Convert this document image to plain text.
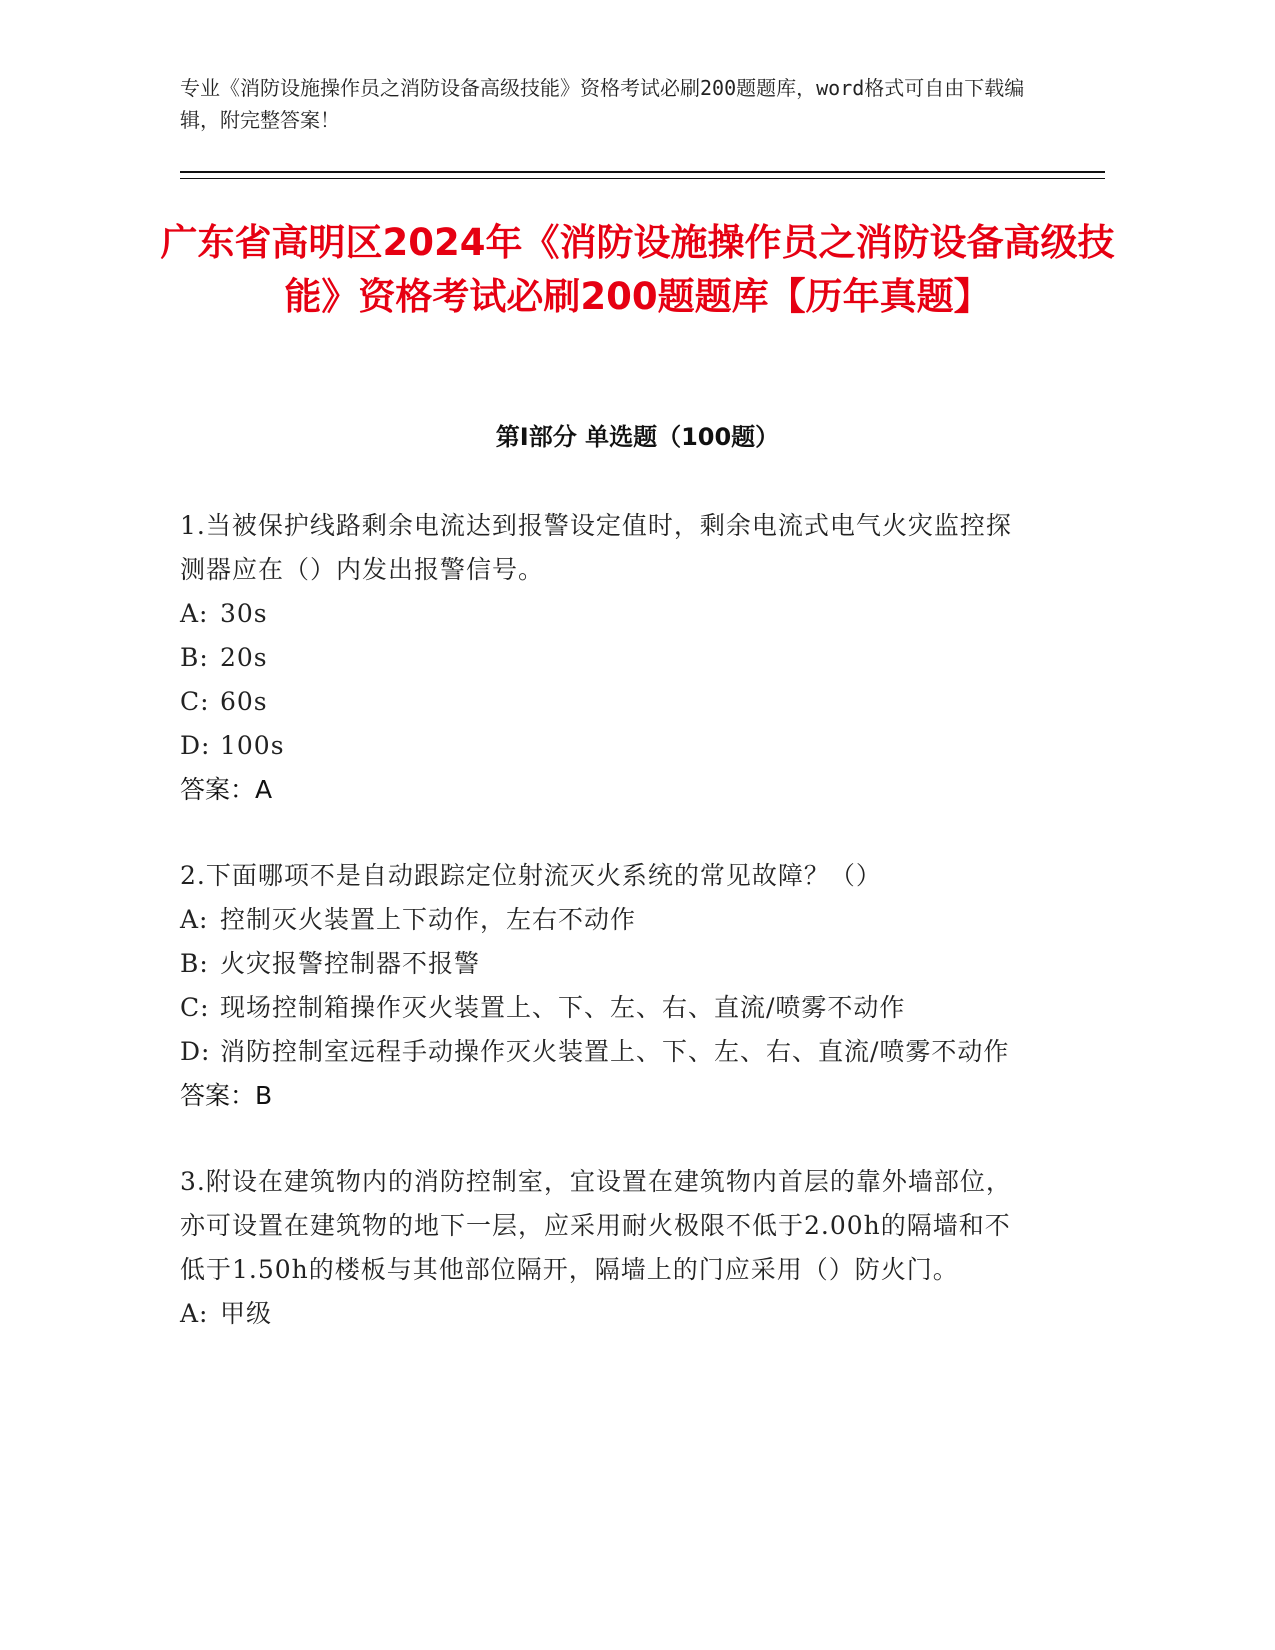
专业《消防设施操作员之消防设备高级技能》资格考试必刷200题题库，word格式可自由下载编辑，附完整答案！
广东省高明区2024年《消防设施操作员之消防设备高级技能》资格考试必刷200题题库【历年真题】
第Ⅰ部分 单选题（100题）
1.当被保护线路剩余电流达到报警设定值时，剩余电流式电气火灾监控探测器应在（）内发出报警信号。
A: 30s
B: 20s
C: 60s
D: 100s
答案：A
2.下面哪项不是自动跟踪定位射流灭火系统的常见故障？（）
A: 控制灭火装置上下动作，左右不动作
B: 火灾报警控制器不报警
C: 现场控制箱操作灭火装置上、下、左、右、直流/喷雾不动作
D: 消防控制室远程手动操作灭火装置上、下、左、右、直流/喷雾不动作
答案：B
3.附设在建筑物内的消防控制室，宜设置在建筑物内首层的靠外墙部位，亦可设置在建筑物的地下一层，应采用耐火极限不低于2.00h的隔墙和不低于1.50h的楼板与其他部位隔开，隔墙上的门应采用（）防火门。
A: 甲级
